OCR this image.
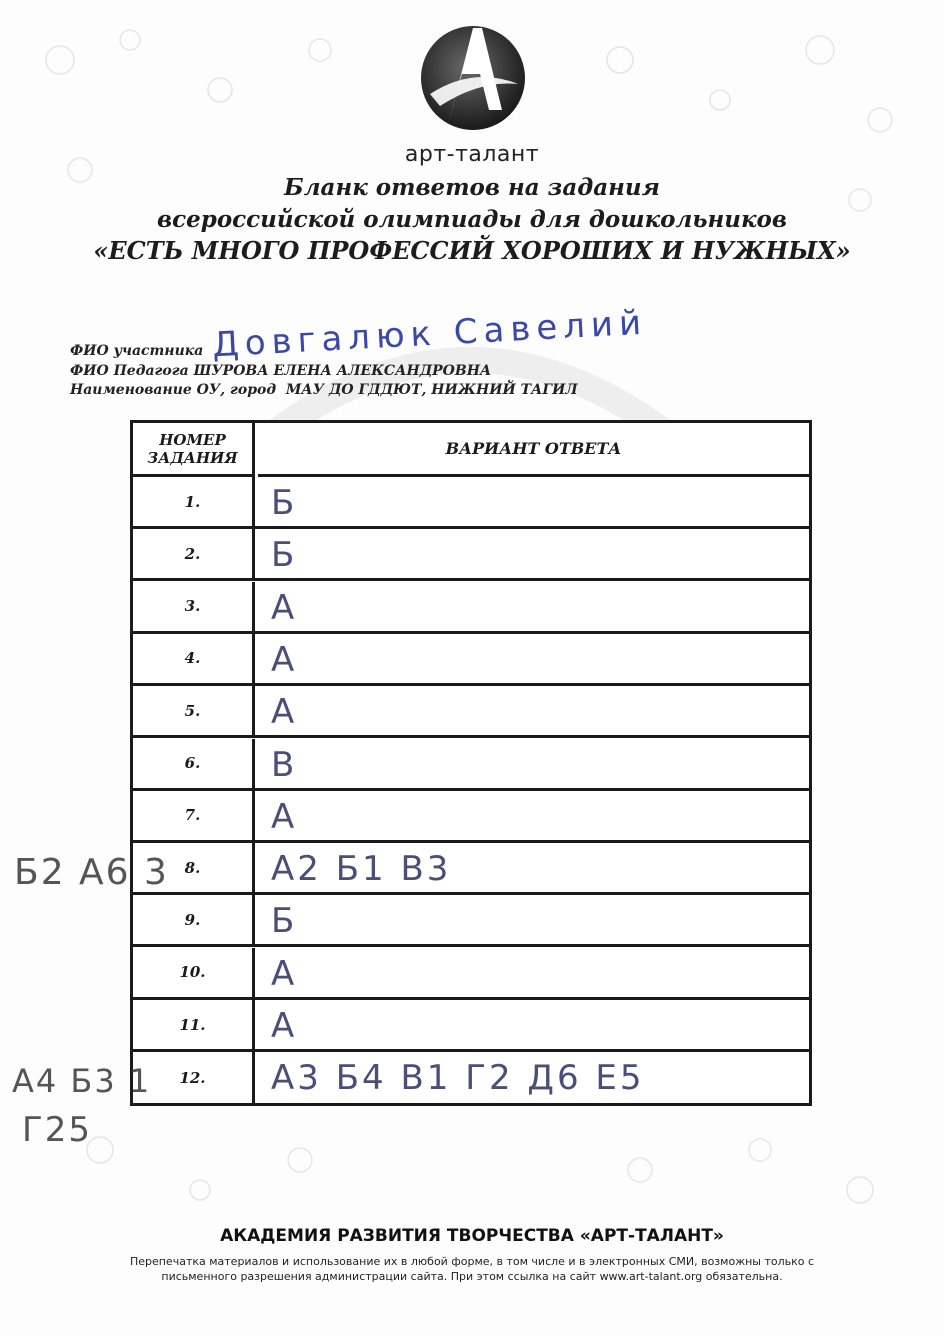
арт-талант
Бланк ответов на задания
всероссийской олимпиады для дошкольников
«ЕСТЬ МНОГО ПРОФЕССИЙ ХОРОШИХ И НУЖНЫХ»
ФИО участника Довгалюк Савелий
ФИО Педагога ШУРОВА ЕЛЕНА АЛЕКСАНДРОВНА
Наименование ОУ, город МАУ ДО ГДДЮТ, НИЖНИЙ ТАГИЛ
НОМЕР
ЗАДАНИЯ	ВАРИАНТ ОТВЕТА
1.	Б
2.	Б
3.	А
4.	А
5.	А
6.	В
7.	А
8.	А2 Б1 В3
9.	Б
10.	А
11.	А
12.	А3 Б4 В1 Г2 Д6 Е5
Б2 А6 3
А4 Б3 1
Г25
АКАДЕМИЯ РАЗВИТИЯ ТВОРЧЕСТВА «АРТ-ТАЛАНТ»
Перепечатка материалов и использование их в любой форме, в том числе и в электронных СМИ, возможны только с
письменного разрешения администрации сайта. При этом ссылка на сайт www.art-talant.org обязательна.
